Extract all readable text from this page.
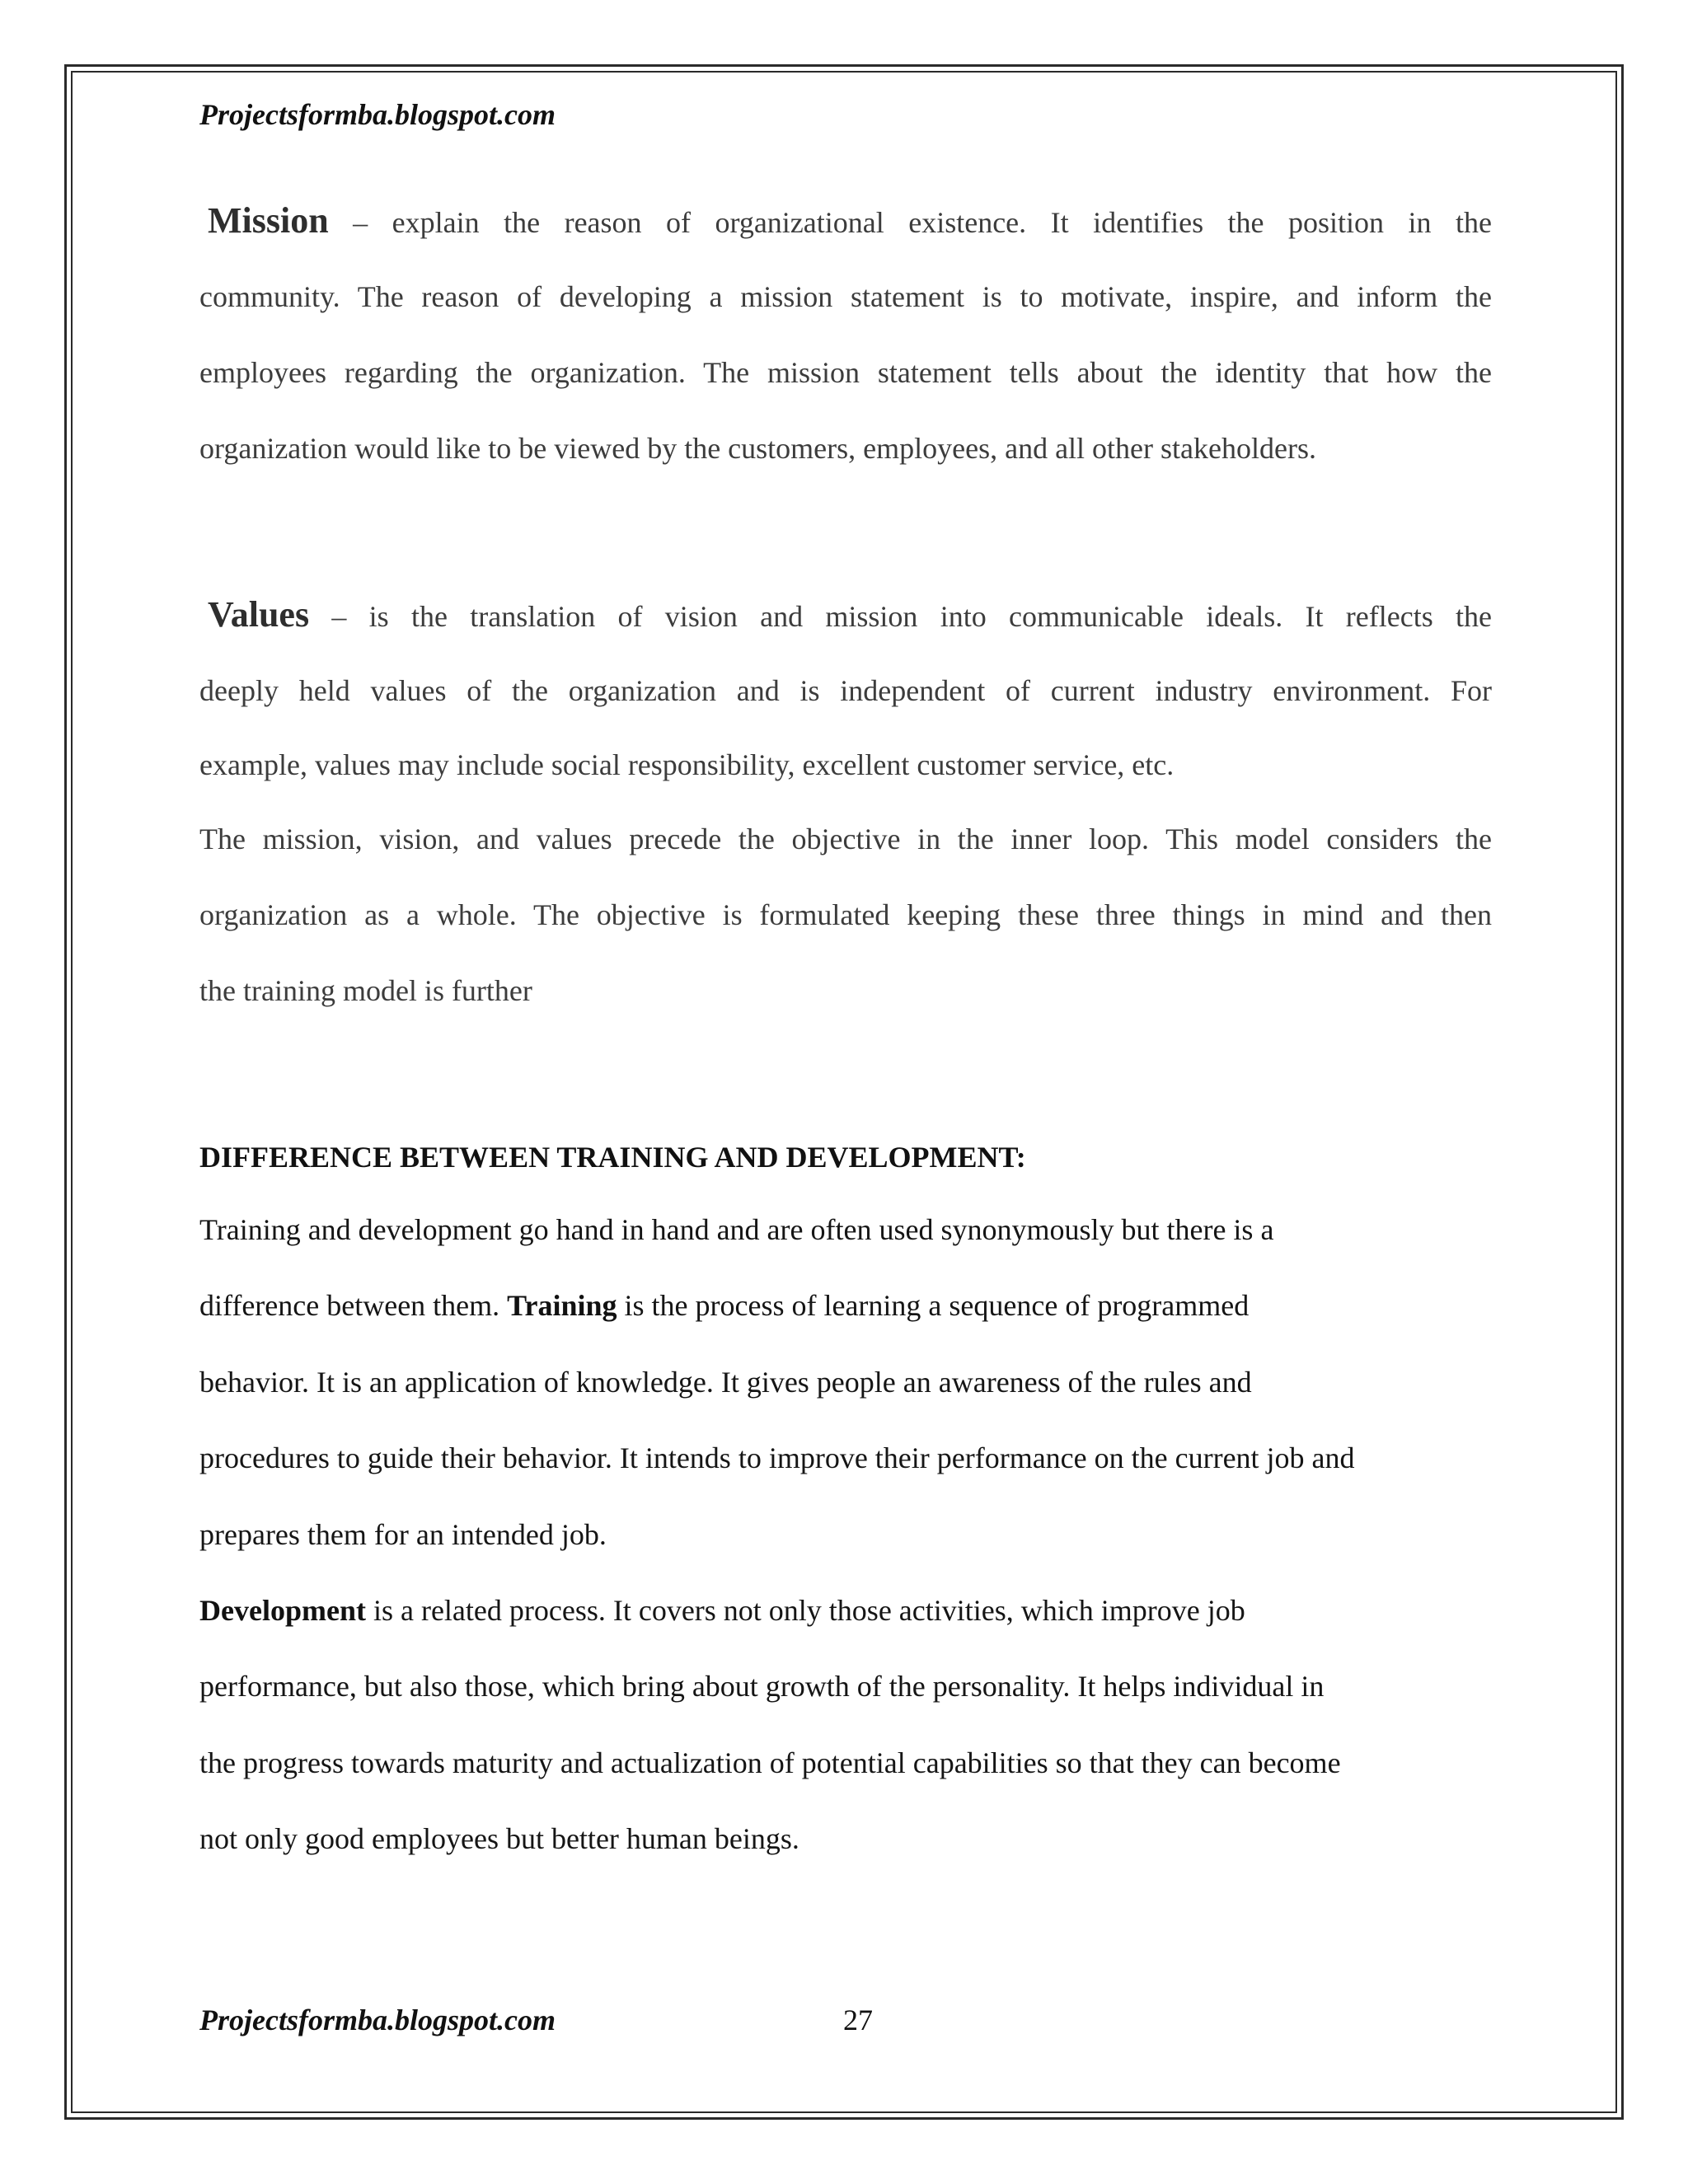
Projectsformba.blogspot.com
Mission – explain the reason of organizational existence. It identifies the position in the
community. The reason of developing a mission statement is to motivate, inspire, and inform the
employees regarding the organization. The mission statement tells about the identity that how the
organization would like to be viewed by the customers, employees, and all other stakeholders.
Values – is the translation of vision and mission into communicable ideals. It reflects the
deeply held values of the organization and is independent of current industry environment. For
example, values may include social responsibility, excellent customer service, etc.
The mission, vision, and values precede the objective in the inner loop. This model considers the
organization as a whole. The objective is formulated keeping these three things in mind and then
the training model is further
DIFFERENCE BETWEEN TRAINING AND DEVELOPMENT:
Training and development go hand in hand and are often used synonymously but there is a
difference between them. Training is the process of learning a sequence of programmed
behavior. It is an application of knowledge. It gives people an awareness of the rules and
procedures to guide their behavior. It intends to improve their performance on the current job and
prepares them for an intended job.
Development is a related process. It covers not only those activities, which improve job
performance, but also those, which bring about growth of the personality. It helps individual in
the progress towards maturity and actualization of potential capabilities so that they can become
not only good employees but better human beings.
Projectsformba.blogspot.com	27
